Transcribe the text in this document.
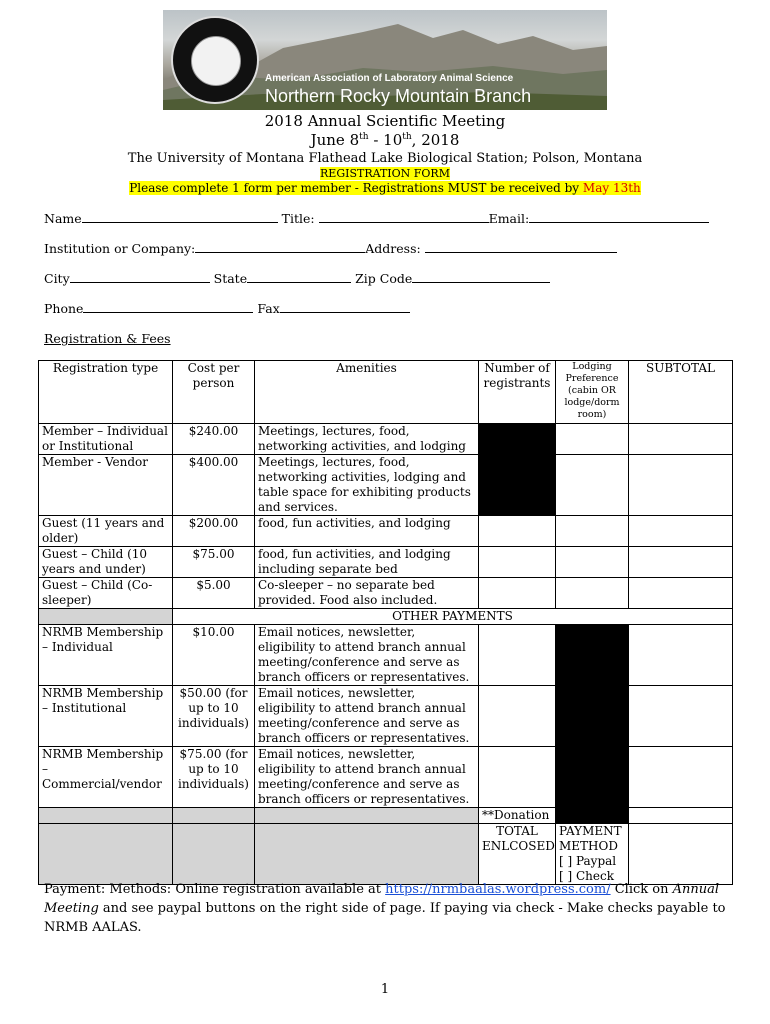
American Association of Laboratory Animal Science
Northern Rocky Mountain Branch
2018 Annual Scientific Meeting
June 8th - 10th, 2018
The University of Montana Flathead Lake Biological Station; Polson, Montana
REGISTRATION FORM
Please complete 1 form per member - Registrations MUST be received by May 13th
Name	Title:	Email:
Institution or Company:	Address:
City	State	Zip Code
Phone	Fax
Registration & Fees
Registration type	Cost per person	Amenities	Number of registrants	Lodging Preference (cabin OR lodge/dorm room)	SUBTOTAL
Member – Individual or Institutional	$240.00	Meetings, lectures, food, networking activities, and lodging			
Member - Vendor	$400.00	Meetings, lectures, food, networking activities, lodging and table space for exhibiting products and services.			
Guest (11 years and older)	$200.00	food, fun activities, and lodging			
Guest – Child (10 years and under)	$75.00	food, fun activities, and lodging including separate bed			
Guest – Child (Co-sleeper)	$5.00	Co-sleeper – no separate bed provided. Food also included.			
	OTHER PAYMENTS				
NRMB Membership – Individual	$10.00	Email notices, newsletter, eligibility to attend branch annual meeting/conference and serve as branch officers or representatives.			
NRMB Membership – Institutional	$50.00 (for up to 10 individuals)	Email notices, newsletter, eligibility to attend branch annual meeting/conference and serve as branch officers or representatives.			
NRMB Membership – Commercial/vendor	$75.00 (for up to 10 individuals)	Email notices, newsletter, eligibility to attend branch annual meeting/conference and serve as branch officers or representatives.			
			**Donation		
			TOTAL ENLCOSED	PAYMENT METHOD
[ ] Paypal
[ ] Check	

Payment: Methods: Online registration available at https://nrmbaalas.wordpress.com/ Click on Annual Meeting and see paypal buttons on the right side of page. If paying via check - Make checks payable to NRMB AALAS.
1
